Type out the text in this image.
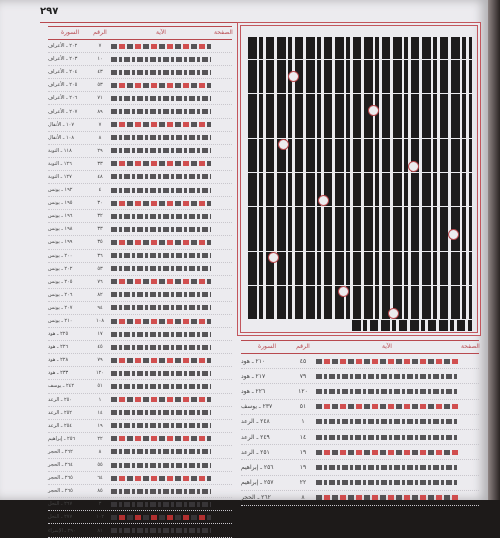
٢٩٧
السورة	الرقم	الآية	الصفحة
٢٠٢ ـ الأعراف	٧
٢٠٣ ـ الأعراف	١٠
٢٠٤ ـ الأعراف	٤٣
٢٠٥ ـ الأعراف	٥٣
٢٠٦ ـ الأعراف	٧١
٢٠٧ ـ الأعراف	٨٩
١٠٧ ـ الأنفال	٧
١٠٨ ـ الأنفال	٨
١١٨ ـ التوبة	٢٩
١٢٦ ـ التوبة	٣٣
١٢٧ ـ التوبة	٤٨
١٩٢ ـ يونس	٤
١٩٥ ـ يونس	٣٠
١٩٦ ـ يونس	٣٢
١٩٨ ـ يونس	٣٣
١٩٩ ـ يونس	٣٥
٢٠٠ ـ يونس	٣٦
٢٠٢ ـ يونس	٥٣
٢٠٥ ـ يونس	٧٦
٢٠٦ ـ يونس	٨٢
٢٠٧ ـ يونس	٩٤
٢١٠ ـ يونس	١٠٨
٢٢٥ ـ هود	١٧
٢٢٦ ـ هود	٤٥
٢٢٨ ـ هود	٧٩
٢٣٣ ـ هود	١٢٠
٢٤٢ ـ يوسف	٥١
٢٥٠ ـ الرعد	١
٢٥٢ ـ الرعد	١٤
٢٥٤ ـ الرعد	١٩
٢٥٦ ـ إبراهيم	٢٢
٢٦٢ ـ الحجر	٨
٢٦٤ ـ الحجر	٥٥
٢٦٥ ـ الحجر	٦٤
٢٦٥ ـ الحجر	٨٥
٢٦٧ ـ النحل	٣
٢٧٧ ـ النحل	١٠٢
٢٩٠ ـ الإسراء	٨١
السورة	الرقم	الآية	الصفحة
٢١٠ ـ هود	٤٥
٢١٧ ـ هود	٧٩
٢٢٦ ـ هود	١٢٠
٢٣٧ ـ يوسف	٥١
٢٤٨ ـ الرعد	١
٢٤٩ ـ الرعد	١٤
٢٥١ ـ الرعد	١٩
٢٥٦ ـ إبراهيم	١٩
٢٥٧ ـ إبراهيم	٢٢
٢٦٢ ـ الحجر	٨
